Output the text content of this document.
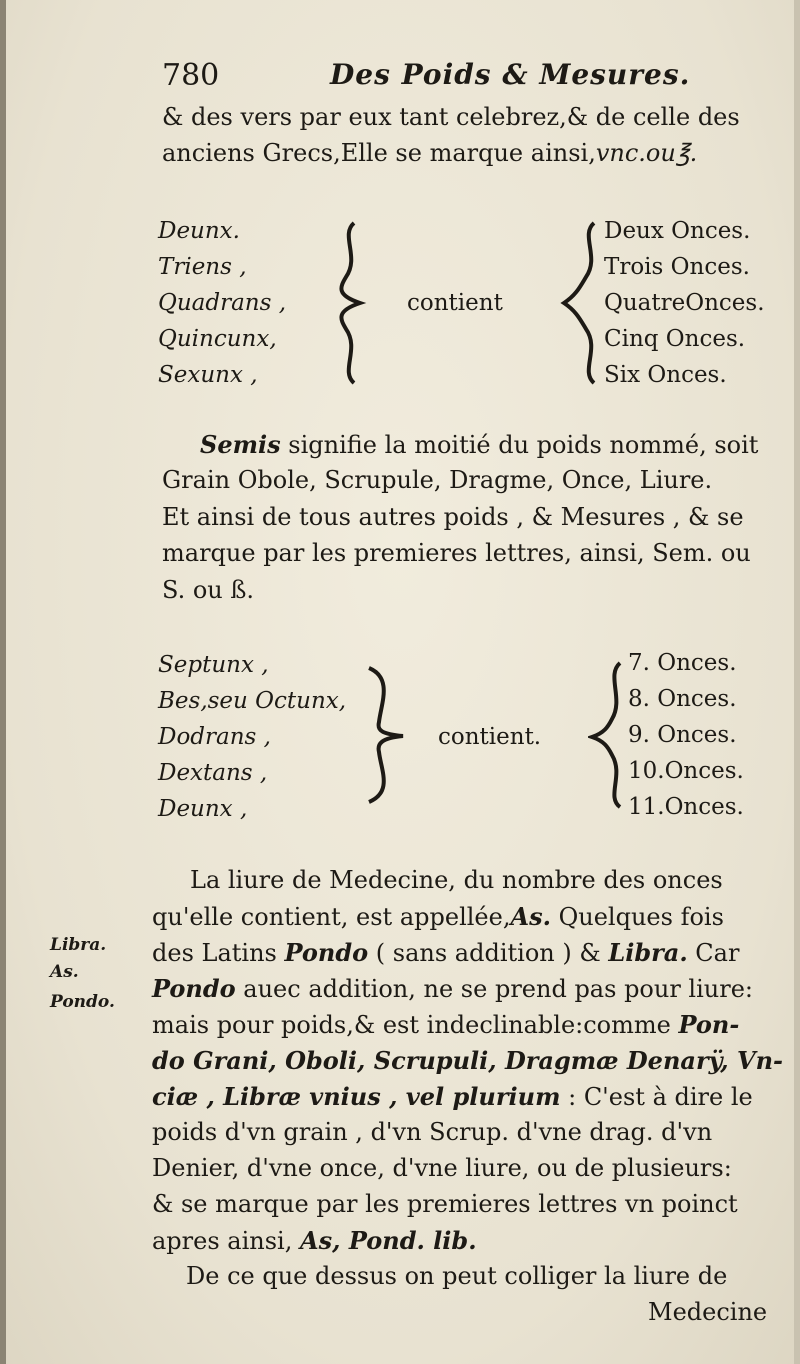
780	Des Poids & Mesures.
& des vers par eux tant celebrez,& de celle des
anciens Grecs,Elle se marque ainsi,vnc.ou℥.
Deunx.
Triens ,
Quadrans ,
Quincunx,
Sexunx ,
contient
Deux Onces.
Trois Onces.
QuatreOnces.
Cinq Onces.
Six Onces.
Semis signifie la moitié du poids nommé, soit
Grain Obole, Scrupule, Dragme, Once, Liure.
Et ainsi de tous autres poids , & Mesures , & se
marque par les premieres lettres, ainsi, Sem. ou
S. ou ß.
Septunx ,
Bes,seu Octunx,
Dodrans ,
Dextans ,
Deunx ,
contient.
7. Onces.
8. Onces.
9. Onces.
10.Onces.
11.Onces.
Libra.
As.
Pondo.
La liure de Medecine, du nombre des onces
qu'elle contient, est appellée,As. Quelques fois
des Latins Pondo ( sans addition ) & Libra. Car
Pondo auec addition, ne se prend pas pour liure:
mais pour poids,& est indeclinable:comme Pon-
do Grani, Oboli, Scrupuli, Dragmæ Denarÿ, Vn-
ciæ , Libræ vnius , vel plurium : C'est à dire le
poids d'vn grain , d'vn Scrup. d'vne drag. d'vn
Denier, d'vne once, d'vne liure, ou de plusieurs:
& se marque par les premieres lettres vn poinct
apres ainsi, As, Pond. lib.
De ce que dessus on peut colliger la liure de
Medecine
